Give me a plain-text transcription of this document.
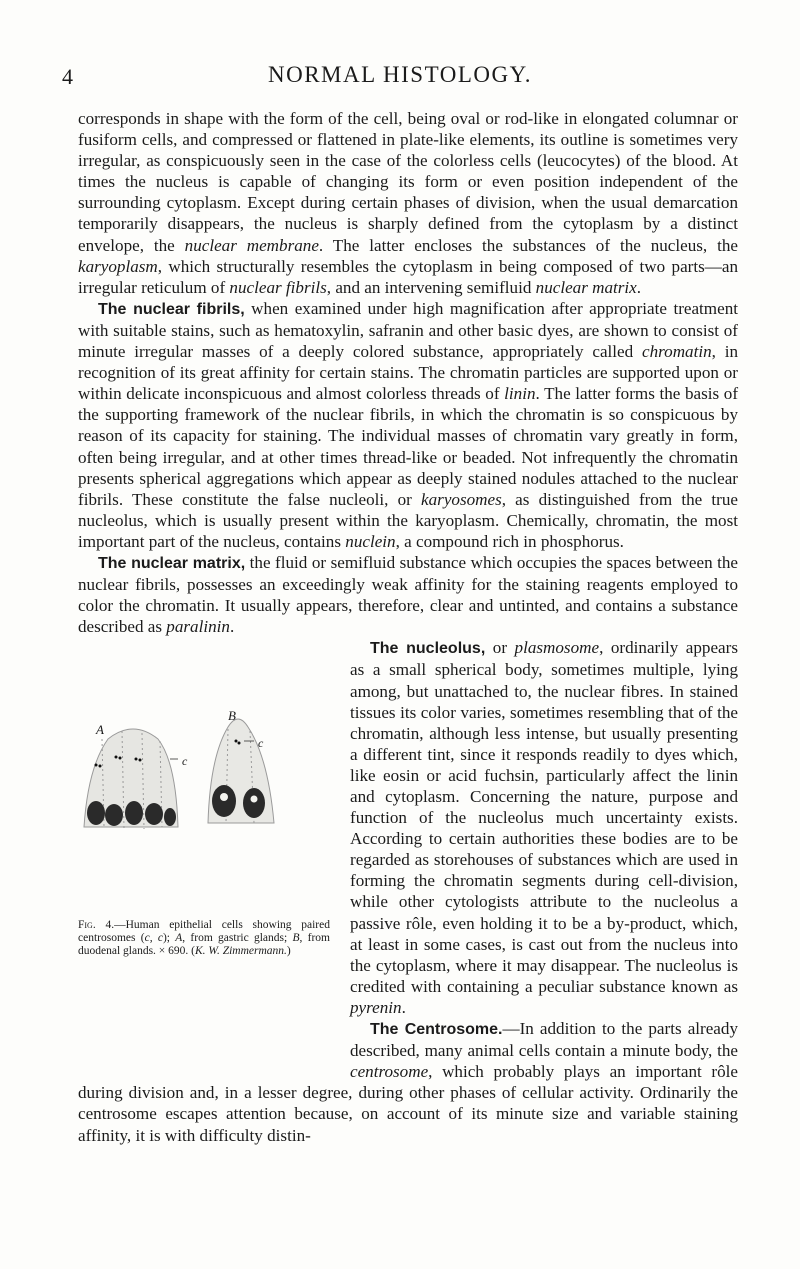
4	NORMAL HISTOLOGY.

corresponds in shape with the form of the cell, being oval or rod-like in elongated columnar or fusiform cells, and compressed or flattened in plate-like elements, its outline is sometimes very irregular, as conspicuously seen in the case of the colorless cells (leucocytes) of the blood. At times the nucleus is capable of changing its form or even position independent of the surrounding cytoplasm. Except during certain phases of division, when the usual demarcation temporarily disappears, the nucleus is sharply defined from the cytoplasm by a distinct envelope, the nuclear membrane. The latter encloses the substances of the nucleus, the karyoplasm, which structurally resembles the cytoplasm in being composed of two parts—an irregular reticulum of nuclear fibrils, and an intervening semifluid nuclear matrix.

The nuclear fibrils, when examined under high magnification after appropriate treatment with suitable stains, such as hematoxylin, safranin and other basic dyes, are shown to consist of minute irregular masses of a deeply colored substance, appropriately called chromatin, in recognition of its great affinity for certain stains. The chromatin particles are supported upon or within delicate inconspicuous and almost colorless threads of linin. The latter forms the basis of the supporting framework of the nuclear fibrils, in which the chromatin is so conspicuous by reason of its capacity for staining. The individual masses of chromatin vary greatly in form, often being irregular, and at other times thread-like or beaded. Not infrequently the chromatin presents spherical aggregations which appear as deeply stained nodules attached to the nuclear fibrils. These constitute the false nucleoli, or karyosomes, as distinguished from the true nucleolus, which is usually present within the karyoplasm. Chemically, chromatin, the most important part of the nucleus, contains nuclein, a compound rich in phosphorus.

The nuclear matrix, the fluid or semifluid substance which occupies the spaces between the nuclear fibrils, possesses an exceedingly weak affinity for the staining reagents employed to color the chromatin. It usually appears, therefore, clear and untinted, and contains a substance described as paralinin.

A
B
c
c
Fig. 4.—Human epithelial cells showing paired centrosomes (c, c); A, from gastric glands; B, from duodenal glands. × 690. (K. W. Zimmermann.)

The nucleolus, or plasmosome, ordinarily appears as a small spherical body, sometimes multiple, lying among, but unattached to, the nuclear fibres. In stained tissues its color varies, sometimes resembling that of the chromatin, although less intense, but usually presenting a different tint, since it responds readily to dyes which, like eosin or acid fuchsin, particularly affect the linin and cytoplasm. Concerning the nature, purpose and function of the nucleolus much uncertainty exists. According to certain authorities these bodies are to be regarded as storehouses of substances which are used in forming the chromatin segments during cell-division, while other cytologists attribute to the nucleolus a passive rôle, even holding it to be a by-product, which, at least in some cases, is cast out from the nucleus into the cytoplasm, where it may disappear. The nucleolus is credited with containing a peculiar substance known as pyrenin.

The Centrosome.—In addition to the parts already described, many animal cells contain a minute body, the centrosome, which probably plays an important rôle during division and, in a lesser degree, during other phases of cellular activity. Ordinarily the centrosome escapes attention because, on account of its minute size and variable staining affinity, it is with difficulty distin-
